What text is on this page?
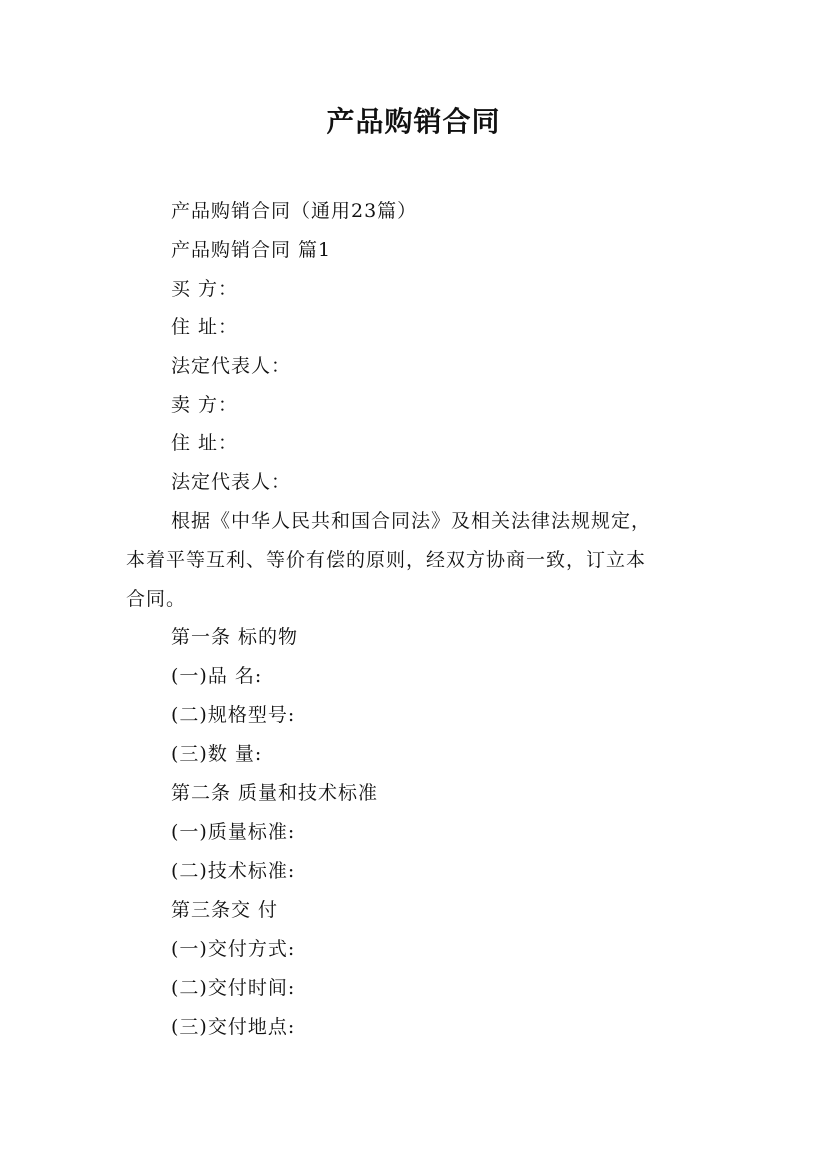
产品购销合同
产品购销合同（通用23篇）
产品购销合同 篇1
买 方：
住 址：
法定代表人：
卖 方：
住 址：
法定代表人：
根据《中华人民共和国合同法》及相关法律法规规定，
本着平等互利、等价有偿的原则，经双方协商一致，订立本
合同。
第一条 标的物
(一)品 名:
(二)规格型号:
(三)数 量:
第二条 质量和技术标准
(一)质量标准:
(二)技术标准:
第三条交 付
(一)交付方式:
(二)交付时间:
(三)交付地点:
